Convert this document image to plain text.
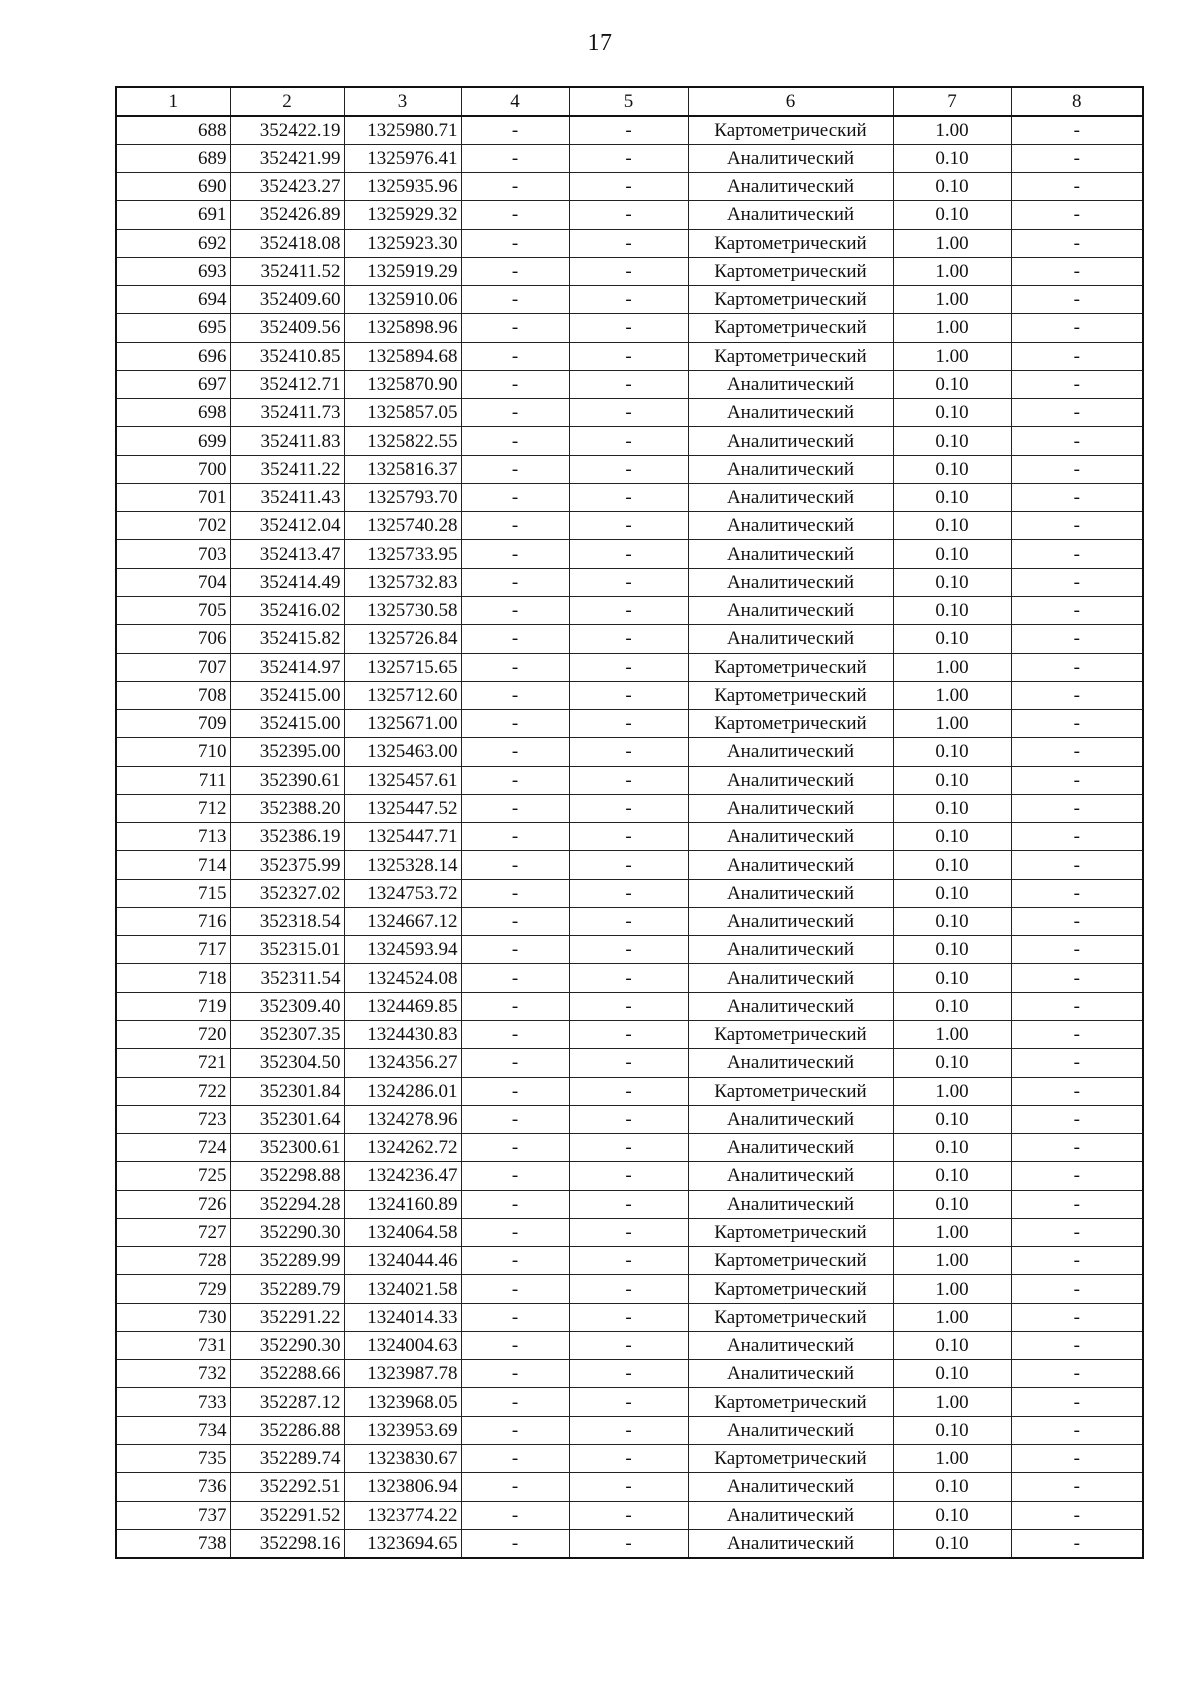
17
1	2	3	4	5	6	7	8
688	352422.19	1325980.71	-	-	Картометрический	1.00	-
689	352421.99	1325976.41	-	-	Аналитический	0.10	-
690	352423.27	1325935.96	-	-	Аналитический	0.10	-
691	352426.89	1325929.32	-	-	Аналитический	0.10	-
692	352418.08	1325923.30	-	-	Картометрический	1.00	-
693	352411.52	1325919.29	-	-	Картометрический	1.00	-
694	352409.60	1325910.06	-	-	Картометрический	1.00	-
695	352409.56	1325898.96	-	-	Картометрический	1.00	-
696	352410.85	1325894.68	-	-	Картометрический	1.00	-
697	352412.71	1325870.90	-	-	Аналитический	0.10	-
698	352411.73	1325857.05	-	-	Аналитический	0.10	-
699	352411.83	1325822.55	-	-	Аналитический	0.10	-
700	352411.22	1325816.37	-	-	Аналитический	0.10	-
701	352411.43	1325793.70	-	-	Аналитический	0.10	-
702	352412.04	1325740.28	-	-	Аналитический	0.10	-
703	352413.47	1325733.95	-	-	Аналитический	0.10	-
704	352414.49	1325732.83	-	-	Аналитический	0.10	-
705	352416.02	1325730.58	-	-	Аналитический	0.10	-
706	352415.82	1325726.84	-	-	Аналитический	0.10	-
707	352414.97	1325715.65	-	-	Картометрический	1.00	-
708	352415.00	1325712.60	-	-	Картометрический	1.00	-
709	352415.00	1325671.00	-	-	Картометрический	1.00	-
710	352395.00	1325463.00	-	-	Аналитический	0.10	-
711	352390.61	1325457.61	-	-	Аналитический	0.10	-
712	352388.20	1325447.52	-	-	Аналитический	0.10	-
713	352386.19	1325447.71	-	-	Аналитический	0.10	-
714	352375.99	1325328.14	-	-	Аналитический	0.10	-
715	352327.02	1324753.72	-	-	Аналитический	0.10	-
716	352318.54	1324667.12	-	-	Аналитический	0.10	-
717	352315.01	1324593.94	-	-	Аналитический	0.10	-
718	352311.54	1324524.08	-	-	Аналитический	0.10	-
719	352309.40	1324469.85	-	-	Аналитический	0.10	-
720	352307.35	1324430.83	-	-	Картометрический	1.00	-
721	352304.50	1324356.27	-	-	Аналитический	0.10	-
722	352301.84	1324286.01	-	-	Картометрический	1.00	-
723	352301.64	1324278.96	-	-	Аналитический	0.10	-
724	352300.61	1324262.72	-	-	Аналитический	0.10	-
725	352298.88	1324236.47	-	-	Аналитический	0.10	-
726	352294.28	1324160.89	-	-	Аналитический	0.10	-
727	352290.30	1324064.58	-	-	Картометрический	1.00	-
728	352289.99	1324044.46	-	-	Картометрический	1.00	-
729	352289.79	1324021.58	-	-	Картометрический	1.00	-
730	352291.22	1324014.33	-	-	Картометрический	1.00	-
731	352290.30	1324004.63	-	-	Аналитический	0.10	-
732	352288.66	1323987.78	-	-	Аналитический	0.10	-
733	352287.12	1323968.05	-	-	Картометрический	1.00	-
734	352286.88	1323953.69	-	-	Аналитический	0.10	-
735	352289.74	1323830.67	-	-	Картометрический	1.00	-
736	352292.51	1323806.94	-	-	Аналитический	0.10	-
737	352291.52	1323774.22	-	-	Аналитический	0.10	-
738	352298.16	1323694.65	-	-	Аналитический	0.10	-
